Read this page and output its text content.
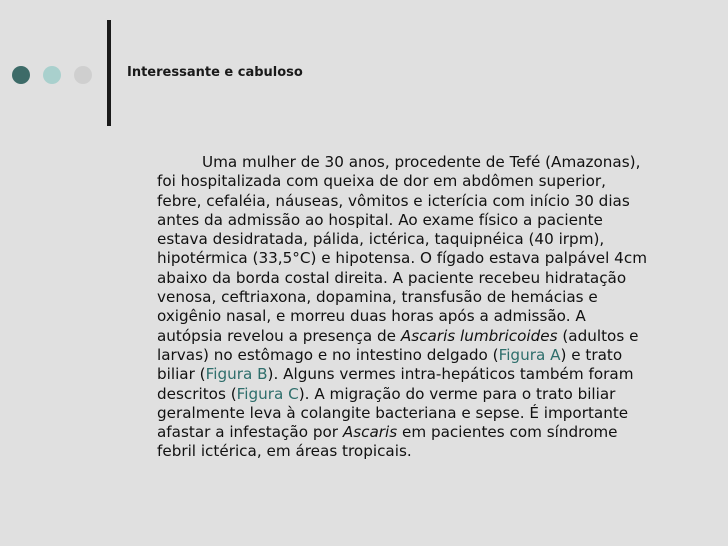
Interessante e cabuloso
Uma mulher de 30 anos, procedente de Tefé (Amazonas),
foi hospitalizada com queixa de dor em abdômen superior,
febre, cefaléia, náuseas, vômitos e icterícia com início 30 dias
antes da admissão ao hospital. Ao exame físico a paciente
estava desidratada, pálida, ictérica, taquipnéica (40 irpm),
hipotérmica (33,5°C) e hipotensa. O fígado estava palpável 4cm
abaixo da borda costal direita. A paciente recebeu hidratação
venosa, ceftriaxona, dopamina, transfusão de hemácias e
oxigênio nasal, e morreu duas horas após a admissão. A
autópsia revelou a presença de Ascaris lumbricoides (adultos e
larvas) no estômago e no intestino delgado (Figura A) e trato
biliar (Figura B). Alguns vermes intra-hepáticos também foram
descritos (Figura C). A migração do verme para o trato biliar
geralmente leva à colangite bacteriana e sepse. É importante
afastar a infestação por Ascaris em pacientes com síndrome
febril ictérica, em áreas tropicais.
